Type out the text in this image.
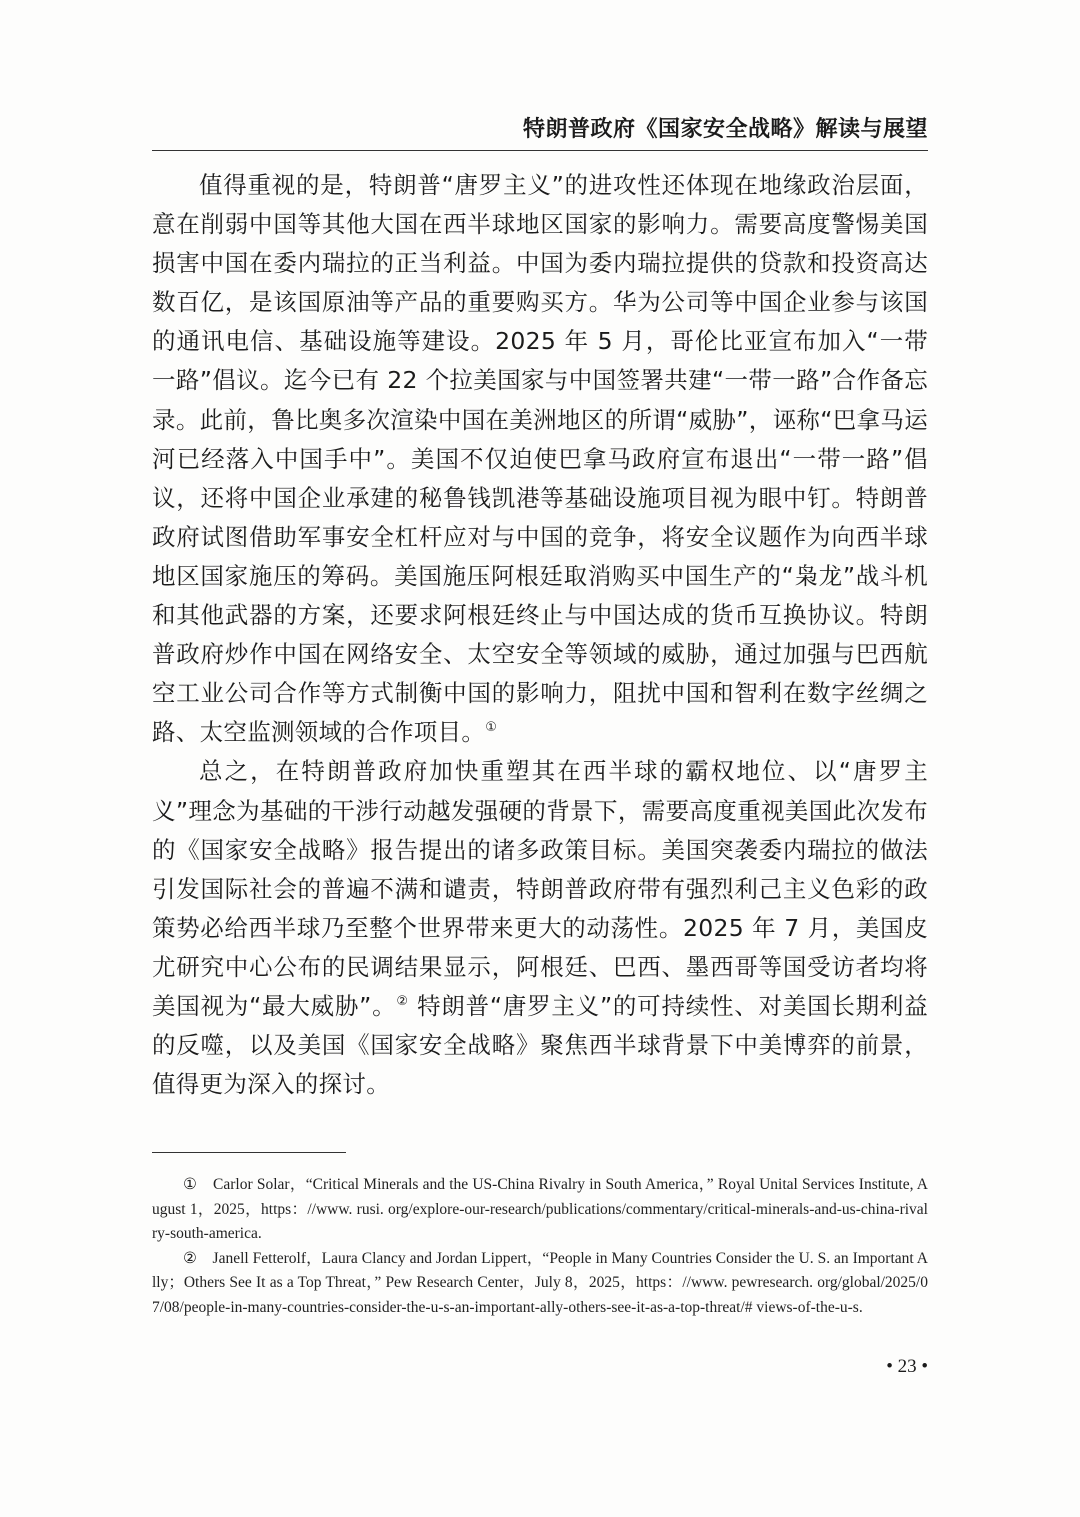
特朗普政府《国家安全战略》解读与展望

值得重视的是，特朗普“唐罗主义”的进攻性还体现在地缘政治层面，意在削弱中国等其他大国在西半球地区国家的影响力。需要高度警惕美国损害中国在委内瑞拉的正当利益。中国为委内瑞拉提供的贷款和投资高达数百亿，是该国原油等产品的重要购买方。华为公司等中国企业参与该国的通讯电信、基础设施等建设。2025 年 5 月，哥伦比亚宣布加入“一带一路”倡议。迄今已有 22 个拉美国家与中国签署共建“一带一路”合作备忘录。此前，鲁比奥多次渲染中国在美洲地区的所谓“威胁”，诬称“巴拿马运河已经落入中国手中”。美国不仅迫使巴拿马政府宣布退出“一带一路”倡议，还将中国企业承建的秘鲁钱凯港等基础设施项目视为眼中钉。特朗普政府试图借助军事安全杠杆应对与中国的竞争，将安全议题作为向西半球地区国家施压的筹码。美国施压阿根廷取消购买中国生产的“枭龙”战斗机和其他武器的方案，还要求阿根廷终止与中国达成的货币互换协议。特朗普政府炒作中国在网络安全、太空安全等领域的威胁，通过加强与巴西航空工业公司合作等方式制衡中国的影响力，阻扰中国和智利在数字丝绸之路、太空监测领域的合作项目。①

总之，在特朗普政府加快重塑其在西半球的霸权地位、以“唐罗主义”理念为基础的干涉行动越发强硬的背景下，需要高度重视美国此次发布的《国家安全战略》报告提出的诸多政策目标。美国突袭委内瑞拉的做法引发国际社会的普遍不满和谴责，特朗普政府带有强烈利己主义色彩的政策势必给西半球乃至整个世界带来更大的动荡性。2025 年 7 月，美国皮尤研究中心公布的民调结果显示，阿根廷、巴西、墨西哥等国受访者均将美国视为“最大威胁”。② 特朗普“唐罗主义”的可持续性、对美国长期利益的反噬，以及美国《国家安全战略》聚焦西半球背景下中美博弈的前景，值得更为深入的探讨。

①　Carlor Solar，“Critical Minerals and the US-China Rivalry in South America，” Royal Unital Services Institute, August 1，2025，https：//www. rusi. org/explore-our-research/publications/commentary/critical-minerals-and-us-china-rivalry-south-america.

②　Janell Fetterolf，Laura Clancy and Jordan Lippert，“People in Many Countries Consider the U. S. an Important Ally；Others See It as a Top Threat，” Pew Research Center，July 8，2025，https：//www. pewresearch. org/global/2025/07/08/people-in-many-countries-consider-the-u-s-an-important-ally-others-see-it-as-a-top-threat/# views-of-the-u-s.

• 23 •
